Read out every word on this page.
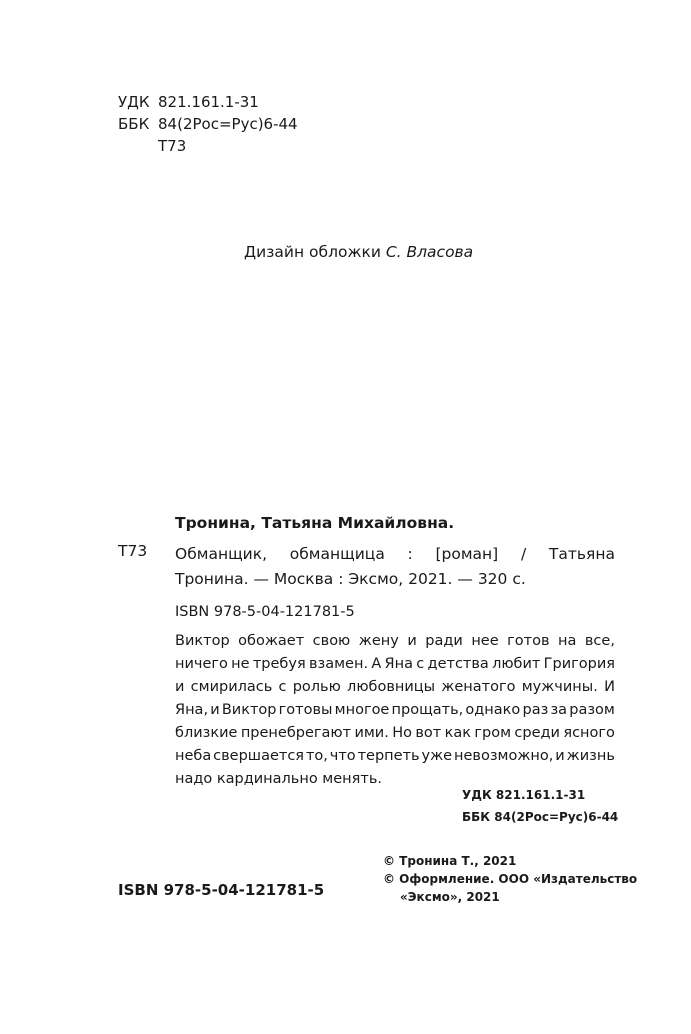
УДК 821.161.1-31
ББК 84(2Рос=Рус)6-44
Т73
Дизайн обложки С. Власова
Тронина, Татьяна Михайловна.
Т73 Обманщик, обманщица : [роман] / Татьяна
Тронина. — Москва : Эксмо, 2021. — 320 с.
ISBN 978-5-04-121781-5
Виктор обожает свою жену и ради нее готов на все,
ничего не требуя взамен. А Яна с детства любит Григория
и смирилась с ролью любовницы женатого мужчины. И
Яна, и Виктор готовы многое прощать, однако раз за разом
близкие пренебрегают ими. Но вот как гром среди ясного
неба свершается то, что терпеть уже невозможно, и жизнь
надо кардинально менять.
УДК 821.161.1-31
ББК 84(2Рос=Рус)6-44
© Тронина Т., 2021
© Оформление. ООО «Издательство
«Эксмо», 2021
ISBN 978-5-04-121781-5
